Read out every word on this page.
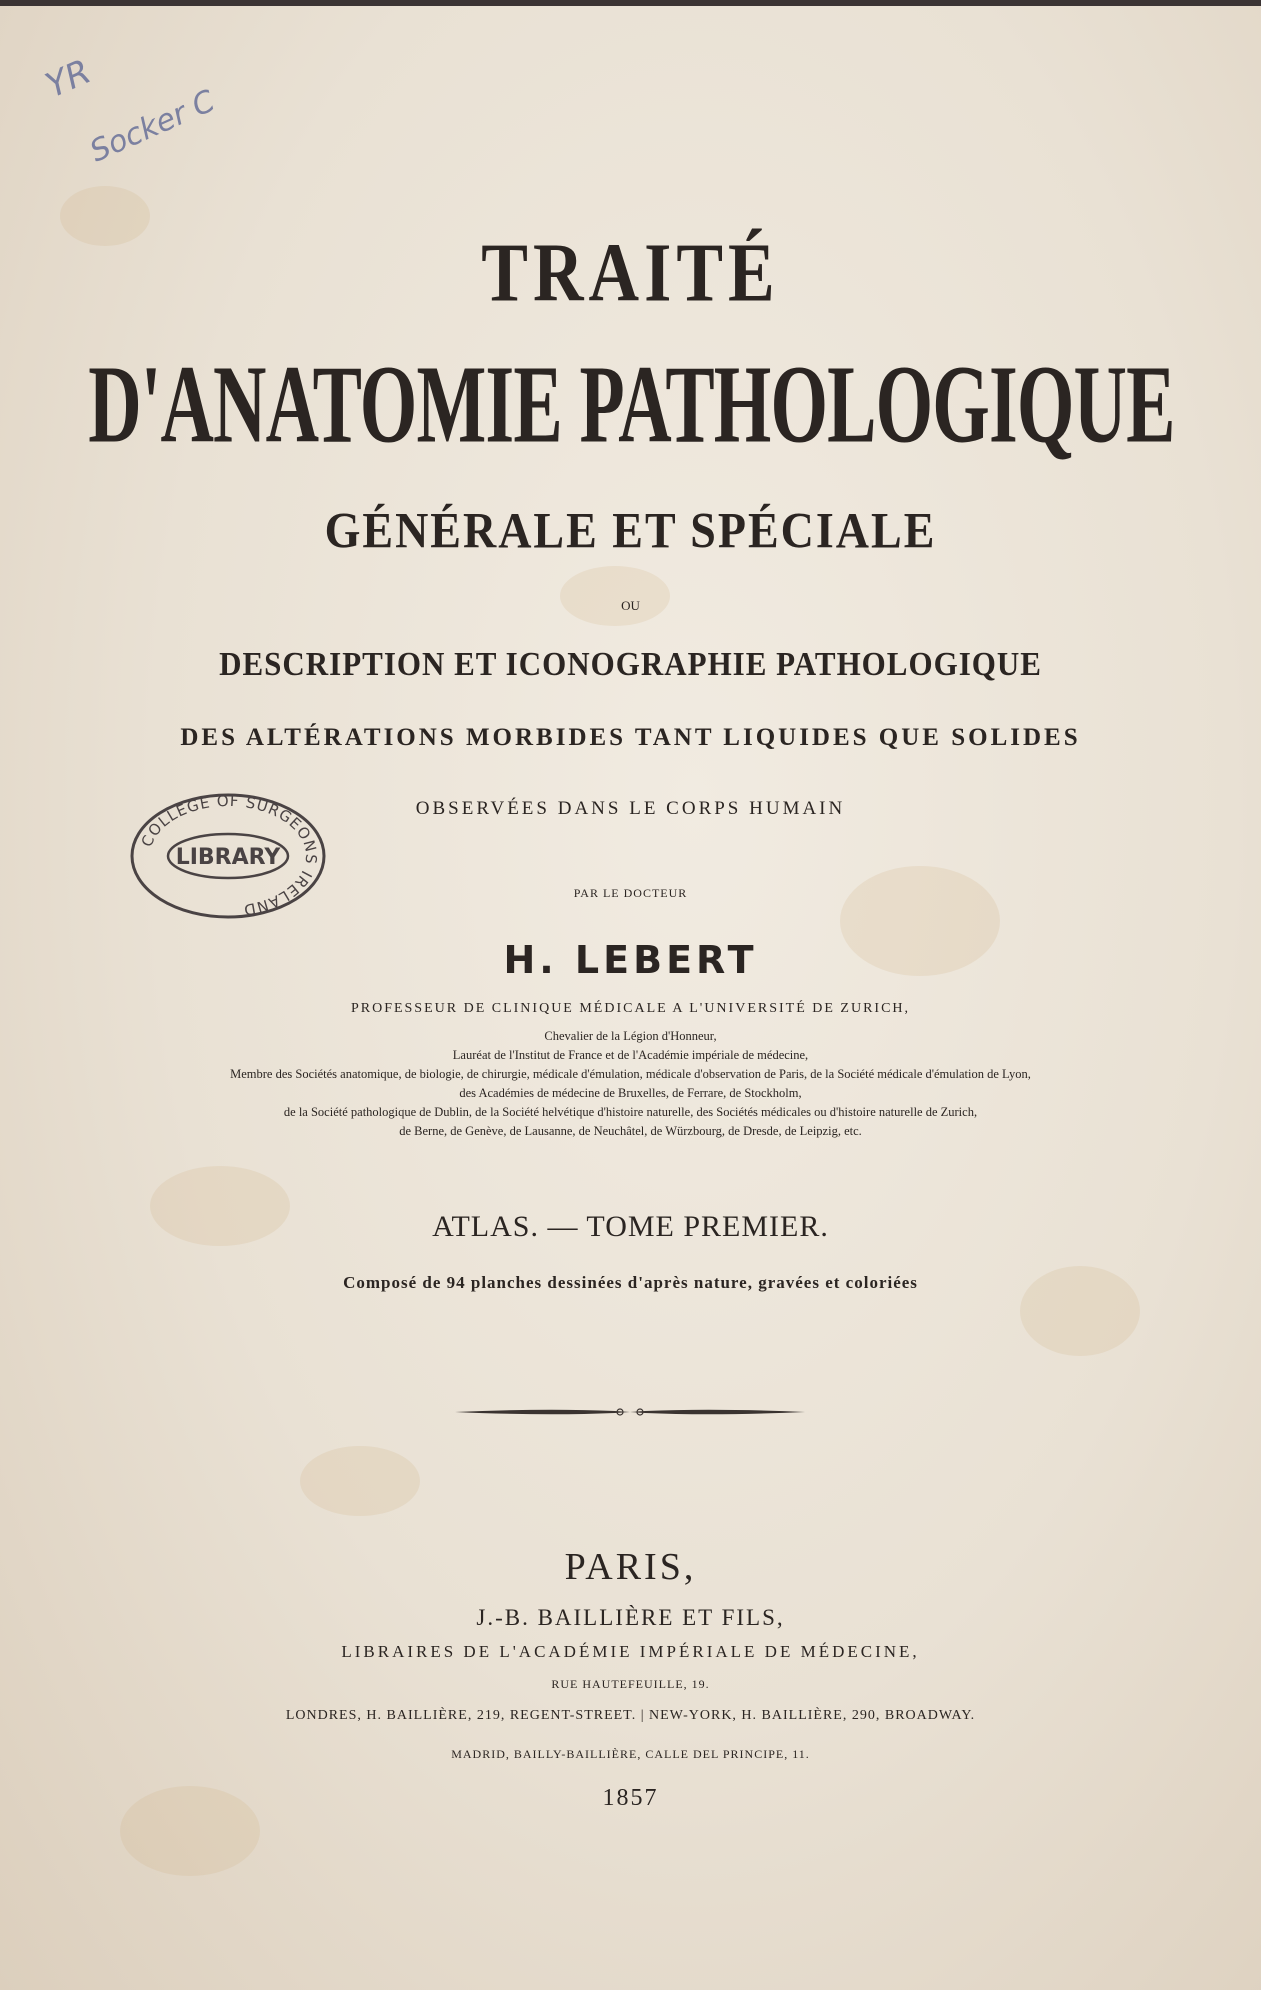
YR
Socker C
TRAITÉ
D'ANATOMIE PATHOLOGIQUE
GÉNÉRALE ET SPÉCIALE
OU
DESCRIPTION ET ICONOGRAPHIE PATHOLOGIQUE
DES ALTÉRATIONS MORBIDES TANT LIQUIDES QUE SOLIDES
OBSERVÉES DANS LE CORPS HUMAIN
COLLEGE OF SURGEONS IRELAND
LIBRARY
PAR LE DOCTEUR
H. LEBERT
PROFESSEUR DE CLINIQUE MÉDICALE A L'UNIVERSITÉ DE ZURICH,
Chevalier de la Légion d'Honneur,
Lauréat de l'Institut de France et de l'Académie impériale de médecine,
Membre des Sociétés anatomique, de biologie, de chirurgie, médicale d'émulation, médicale d'observation de Paris, de la Société médicale d'émulation de Lyon,
des Académies de médecine de Bruxelles, de Ferrare, de Stockholm,
de la Société pathologique de Dublin, de la Société helvétique d'histoire naturelle, des Sociétés médicales ou d'histoire naturelle de Zurich,
de Berne, de Genève, de Lausanne, de Neuchâtel, de Würzbourg, de Dresde, de Leipzig, etc.
ATLAS. — TOME PREMIER.
Composé de 94 planches dessinées d'après nature, gravées et coloriées
PARIS,
J.-B. BAILLIÈRE ET FILS,
LIBRAIRES DE L'ACADÉMIE IMPÉRIALE DE MÉDECINE,
RUE HAUTEFEUILLE, 19.
LONDRES, H. BAILLIÈRE, 219, REGENT-STREET. | NEW-YORK, H. BAILLIÈRE, 290, BROADWAY.
MADRID, BAILLY-BAILLIÈRE, CALLE DEL PRINCIPE, 11.
1857
